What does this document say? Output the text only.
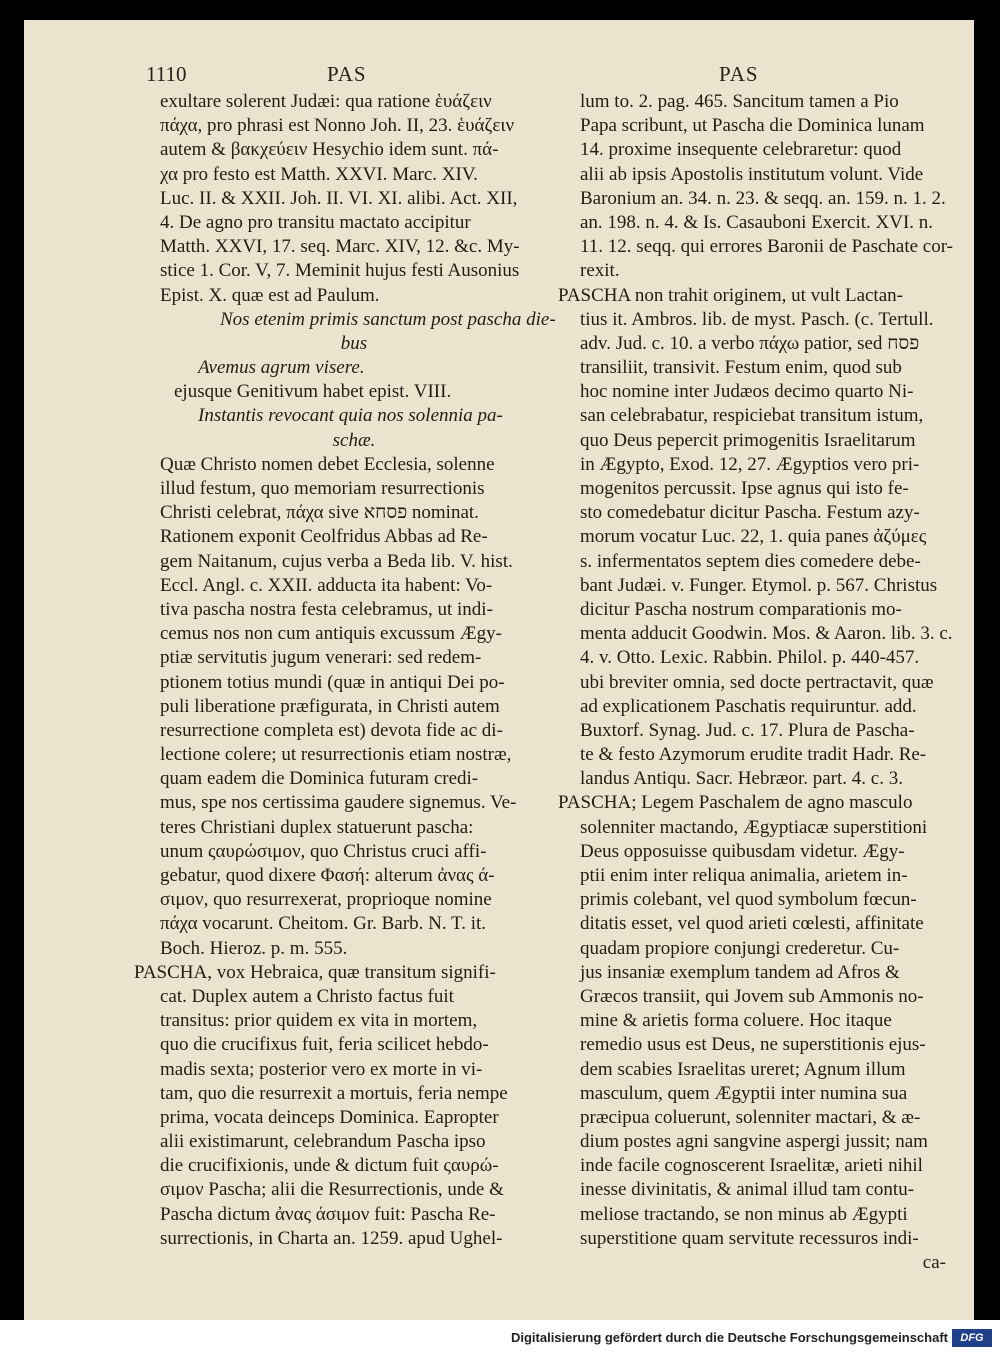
1110	PAS	PAS
exultare solerent Judæi: qua ratione ἑυάζειν
πάχα, pro phrasi est Nonno Joh. II, 23. ἑυάζειν
autem & βακχεύειν Hesychio idem sunt. πά-
χα pro festo est Matth. XXVI. Marc. XIV.
Luc. II. & XXII. Joh. II. VI. XI. alibi. Act. XII,
4. De agno pro transitu mactato accipitur
Matth. XXVI, 17. seq. Marc. XIV, 12. &c. My-
stice 1. Cor. V, 7. Meminit hujus festi Ausonius
Epist. X. quæ est ad Paulum.
Nos etenim primis sanctum post pascha die-
bus
Avemus agrum visere.
ejusque Genitivum habet epist. VIII.
Instantis revocant quia nos solennia pa-
schæ.
Quæ Christo nomen debet Ecclesia, solenne
illud festum, quo memoriam resurrectionis
Christi celebrat, πάχα sive פסחא nominat.
Rationem exponit Ceolfridus Abbas ad Re-
gem Naitanum, cujus verba a Beda lib. V. hist.
Eccl. Angl. c. XXII. adducta ita habent: Vo-
tiva pascha nostra festa celebramus, ut indi-
cemus nos non cum antiquis excussum Ægy-
ptiæ servitutis jugum venerari: sed redem-
ptionem totius mundi (quæ in antiqui Dei po-
puli liberatione præfigurata, in Christi autem
resurrectione completa est) devota fide ac di-
lectione colere; ut resurrectionis etiam nostræ,
quam eadem die Dominica futuram credi-
mus, spe nos certissima gaudere signemus. Ve-
teres Christiani duplex statuerunt pascha:
unum ςαυρώσιμον, quo Christus cruci affi-
gebatur, quod dixere Φασή: alterum ἀνας ά-
σιμον, quo resurrexerat, proprioque nomine
πάχα vocarunt. Cheitom. Gr. Barb. N. T. it.
Boch. Hieroz. p. m. 555.
PASCHA, vox Hebraica, quæ transitum signifi-
cat. Duplex autem a Christo factus fuit
transitus: prior quidem ex vita in mortem,
quo die crucifixus fuit, feria scilicet hebdo-
madis sexta; posterior vero ex morte in vi-
tam, quo die resurrexit a mortuis, feria nempe
prima, vocata deinceps Dominica. Eapropter
alii existimarunt, celebrandum Pascha ipso
die crucifixionis, unde & dictum fuit ςαυρώ-
σιμον Pascha; alii die Resurrectionis, unde &
Pascha dictum ἀνας άσιμον fuit: Pascha Re-
surrectionis, in Charta an. 1259. apud Ughel-
lum to. 2. pag. 465. Sancitum tamen a Pio
Papa scribunt, ut Pascha die Dominica lunam
14. proxime insequente celebraretur: quod
alii ab ipsis Apostolis institutum volunt. Vide
Baronium an. 34. n. 23. & seqq. an. 159. n. 1. 2.
an. 198. n. 4. & Is. Casauboni Exercit. XVI. n.
11. 12. seqq. qui errores Baronii de Paschate cor-
rexit.
PASCHA non trahit originem, ut vult Lactan-
tius it. Ambros. lib. de myst. Pasch. (c. Tertull.
adv. Jud. c. 10. a verbo πάχω patior, sed פסח
transiliit, transivit. Festum enim, quod sub
hoc nomine inter Judæos decimo quarto Ni-
san celebrabatur, respiciebat transitum istum,
quo Deus pepercit primogenitis Israelitarum
in Ægypto, Exod. 12, 27. Ægyptios vero pri-
mogenitos percussit. Ipse agnus qui isto fe-
sto comedebatur dicitur Pascha. Festum azy-
morum vocatur Luc. 22, 1. quia panes ἀζύμες
s. infermentatos septem dies comedere debe-
bant Judæi. v. Funger. Etymol. p. 567. Christus
dicitur Pascha nostrum comparationis mo-
menta adducit Goodwin. Mos. & Aaron. lib. 3. c.
4. v. Otto. Lexic. Rabbin. Philol. p. 440-457.
ubi breviter omnia, sed docte pertractavit, quæ
ad explicationem Paschatis requiruntur. add.
Buxtorf. Synag. Jud. c. 17. Plura de Pascha-
te & festo Azymorum erudite tradit Hadr. Re-
landus Antiqu. Sacr. Hebræor. part. 4. c. 3.
PASCHA; Legem Paschalem de agno masculo
solenniter mactando, Ægyptiacæ superstitioni
Deus opposuisse quibusdam videtur. Ægy-
ptii enim inter reliqua animalia, arietem in-
primis colebant, vel quod symbolum fœcun-
ditatis esset, vel quod arieti cœlesti, affinitate
quadam propiore conjungi crederetur. Cu-
jus insaniæ exemplum tandem ad Afros &
Græcos transiit, qui Jovem sub Ammonis no-
mine & arietis forma coluere. Hoc itaque
remedio usus est Deus, ne superstitionis ejus-
dem scabies Israelitas ureret; Agnum illum
masculum, quem Ægyptii inter numina sua
præcipua coluerunt, solenniter mactari, & æ-
dium postes agni sangvine aspergi jussit; nam
inde facile cognoscerent Israelitæ, arieti nihil
inesse divinitatis, & animal illud tam contu-
meliose tractando, se non minus ab Ægypti
superstitione quam servitute recessuros indi-
ca-
Digitalisierung gefördert durch die Deutsche Forschungsgemeinschaft	DFG
